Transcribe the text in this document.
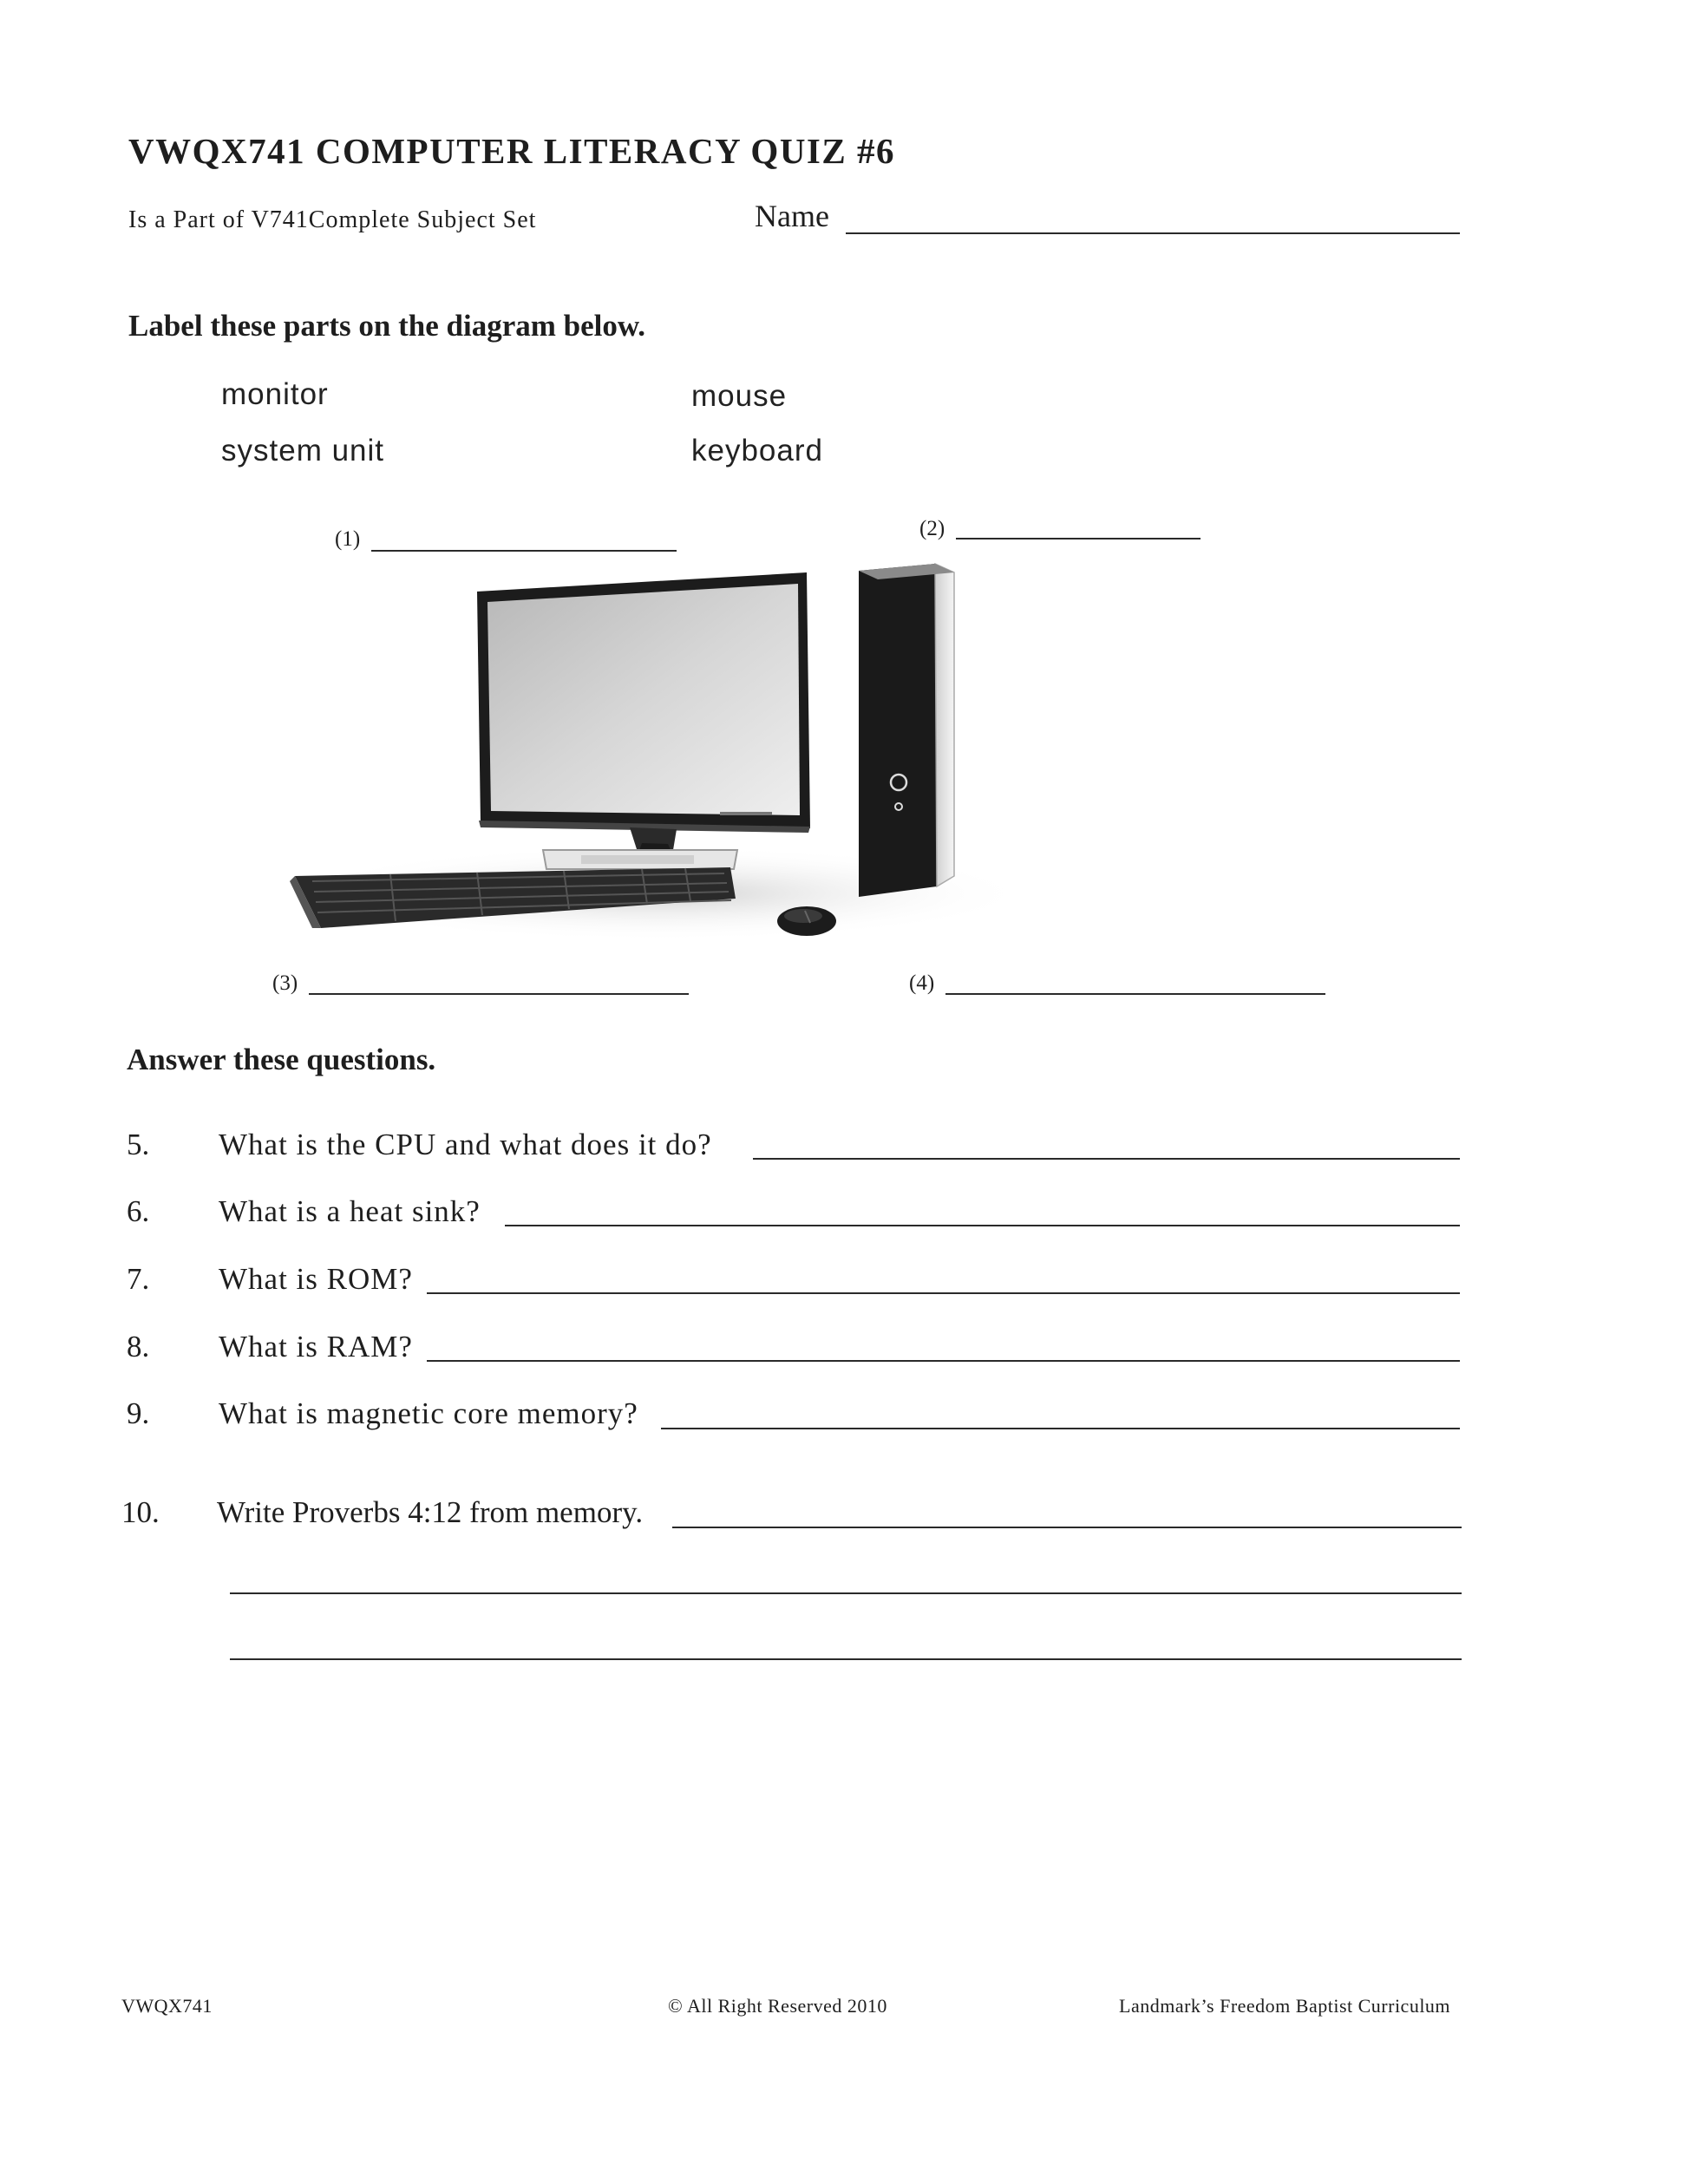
VWQX741 COMPUTER LITERACY QUIZ #6
Is a Part of V741Complete Subject Set	Name
Label these parts on the diagram below.
monitor	mouse
system unit	keyboard
(1)	(2)
(3)	(4)
Answer these questions.
5. What is the CPU and what does it do?
6. What is a heat sink?
7. What is ROM?
8. What is RAM?
9. What is magnetic core memory?
10. Write Proverbs 4:12 from memory.
VWQX741	© All Right Reserved 2010	Landmark’s Freedom Baptist Curriculum
